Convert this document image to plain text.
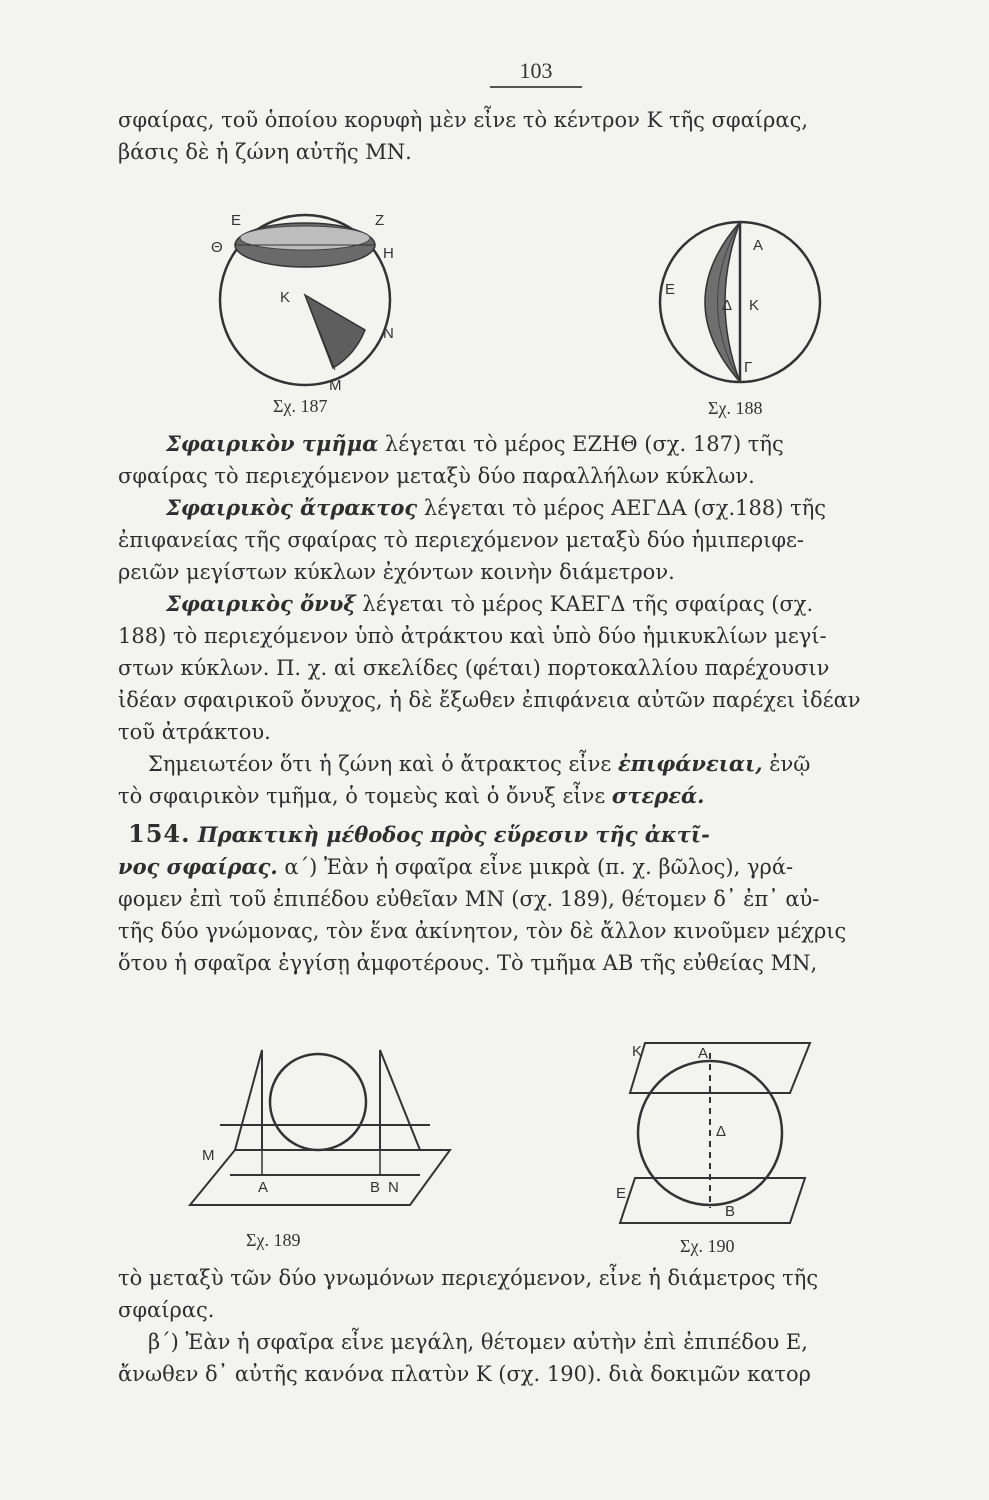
103
σφαίρας, τοῦ ὁποίου κορυφὴ μὲν εἶνε τὸ κέντρον Κ τῆς σφαίρας,
βάσις δὲ ἡ ζώνη αὐτῆς ΜΝ.
Ε	Ζ
Θ	Η
Κ
Ν
Μ
Σχ. 187
Α
Ε
Δ Κ
Γ
Σχ. 188
Σφαιρικὸν τμῆμα λέγεται τὸ μέρος ΕΖΗΘ (σχ. 187) τῆς
σφαίρας τὸ περιεχόμενον μεταξὺ δύο παραλλήλων κύκλων.
Σφαιρικὸς ἄτρακτος λέγεται τὸ μέρος ΑΕΓΔΑ (σχ.188) τῆς
ἐπιφανείας τῆς σφαίρας τὸ περιεχόμενον μεταξὺ δύο ἡμιπεριφε-
ρειῶν μεγίστων κύκλων ἐχόντων κοινὴν διάμετρον.
Σφαιρικὸς ὄνυξ λέγεται τὸ μέρος ΚΑΕΓΔ τῆς σφαίρας (σχ.
188) τὸ περιεχόμενον ὑπὸ ἀτράκτου καὶ ὑπὸ δύο ἡμικυκλίων μεγί-
στων κύκλων. Π. χ. αἱ σκελίδες (φέται) πορτοκαλλίου παρέχουσιν
ἰδέαν σφαιρικοῦ ὄνυχος, ἡ δὲ ἔξωθεν ἐπιφάνεια αὐτῶν παρέχει ἰδέαν
τοῦ ἀτράκτου.
Σημειωτέον ὅτι ἡ ζώνη καὶ ὁ ἄτρακτος εἶνε ἐπιφάνειαι, ἐνῷ
τὸ σφαιρικὸν τμῆμα, ὁ τομεὺς καὶ ὁ ὄνυξ εἶνε στερεά.
154. Πρακτικὴ μέθοδος πρὸς εὕρεσιν τῆς ἀκτῖ-
νος σφαίρας. α΄) Ἐὰν ἡ σφαῖρα εἶνε μικρὰ (π. χ. βῶλος), γρά-
φομεν ἐπὶ τοῦ ἐπιπέδου εὐθεῖαν ΜΝ (σχ. 189), θέτομεν δ᾽ ἐπ᾽ αὐ-
τῆς δύο γνώμονας, τὸν ἕνα ἀκίνητον, τὸν δὲ ἄλλον κινοῦμεν μέχρις
ὅτου ἡ σφαῖρα ἐγγίσῃ ἀμφοτέρους. Τὸ τμῆμα ΑΒ τῆς εὐθείας ΜΝ,
Μ
Α	Β Ν
Σχ. 189
Κ	Α
Δ
Ε
Β
Σχ. 190
τὸ μεταξὺ τῶν δύο γνωμόνων περιεχόμενον, εἶνε ἡ διάμετρος τῆς
σφαίρας.
β΄) Ἐὰν ἡ σφαῖρα εἶνε μεγάλη, θέτομεν αὐτὴν ἐπὶ ἐπιπέδου Ε,
ἄνωθεν δ᾽ αὐτῆς κανόνα πλατὺν Κ (σχ. 190). διὰ δοκιμῶν κατορ
